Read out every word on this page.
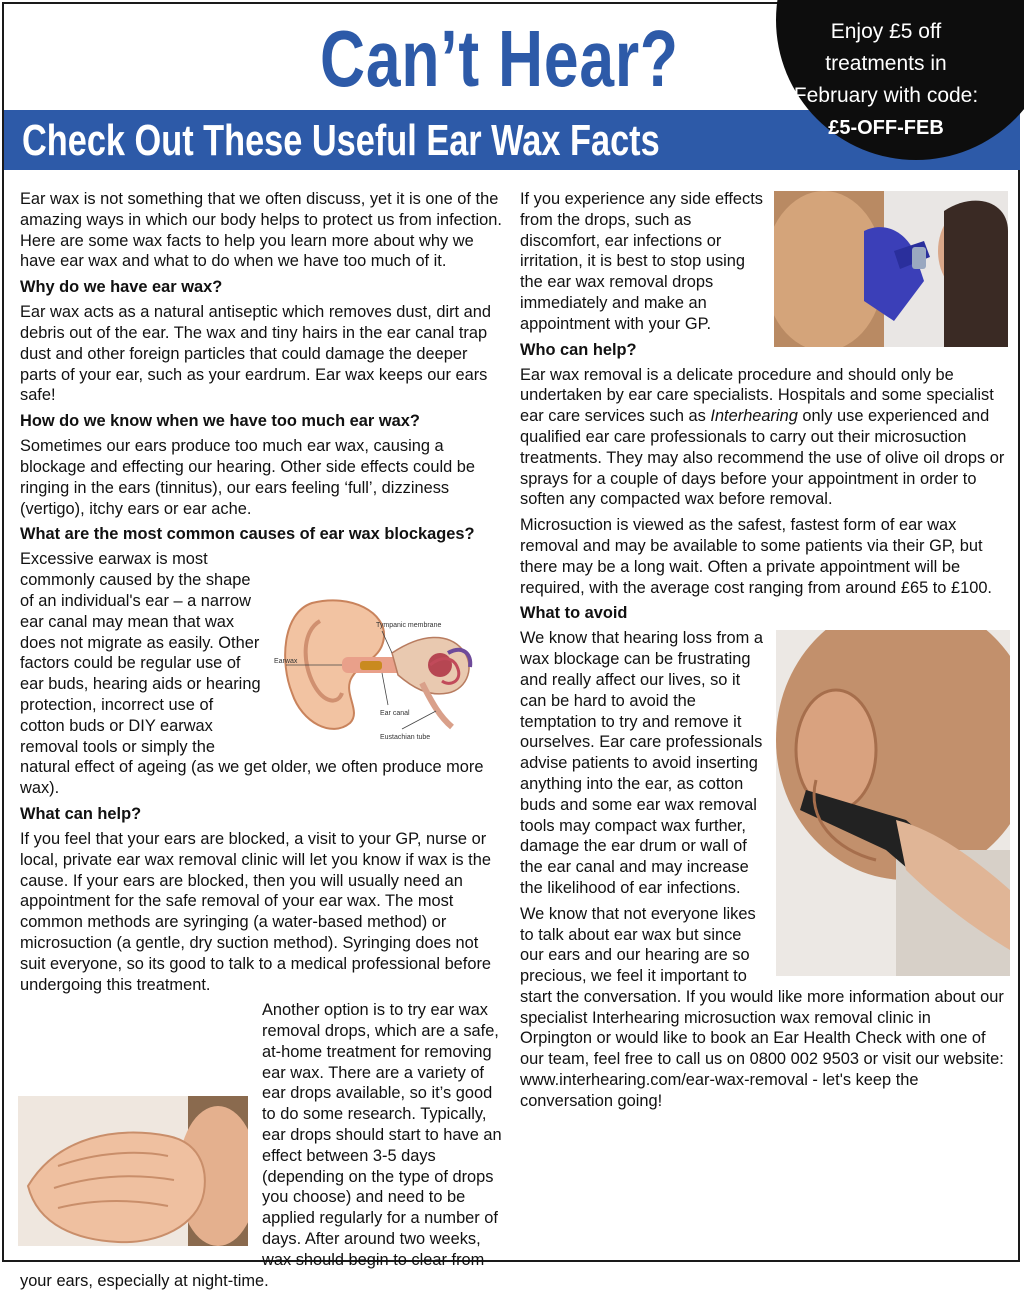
Can’t Hear?
Check Out These Useful Ear Wax Facts
Enjoy £5 off
treatments in
February with code:
£5-OFF-FEB

Ear wax is not something that we often discuss, yet it is one of the amazing ways in which our body helps to protect us from infection. Here are some wax facts to help you learn more about why we have ear wax and what to do when we have too much of it.

Why do we have ear wax?

Ear wax acts as a natural antiseptic which removes dust, dirt and debris out of the ear. The wax and tiny hairs in the ear canal trap dust and other foreign particles that could damage the deeper parts of your ear, such as your eardrum. Ear wax keeps our ears safe!

How do we know when we have too much ear wax?

Sometimes our ears produce too much ear wax, causing a blockage and effecting our hearing. Other side effects could be ringing in the ears (tinnitus), our ears feeling ‘full’, dizziness (vertigo), itchy ears or ear ache.

What are the most common causes of ear wax blockages?
Earwax
Tympanic membrane
Ear canal
Eustachian tube

Excessive earwax is most commonly caused by the shape of an individual's ear – a narrow ear canal may mean that wax does not migrate as easily. Other factors could be regular use of ear buds, hearing aids or hearing protection, incorrect use of cotton buds or DIY earwax removal tools or simply the natural effect of ageing (as we get older, we often produce more wax).

What can help?

If you feel that your ears are blocked, a visit to your GP, nurse or local, private ear wax removal clinic will let you know if wax is the cause. If your ears are blocked, then you will usually need an appointment for the safe removal of your ear wax. The most common methods are syringing (a water-based method) or microsuction (a gentle, dry suction method). Syringing does not suit everyone, so its good to talk to a medical professional before undergoing this treatment.

Another option is to try ear wax removal drops, which are a safe, at-home treatment for removing ear wax. There are a variety of ear drops available, so it’s good to do some research. Typically, ear drops should start to have an effect between 3-5 days (depending on the type of drops you choose) and need to be applied regularly for a number of days. After around two weeks, wax should begin to clear from your ears, especially at night-time.

If you experience any side effects from the drops, such as discomfort, ear infections or irritation, it is best to stop using the ear wax removal drops immediately and make an appointment with your GP.

Who can help?

Ear wax removal is a delicate procedure and should only be undertaken by ear care specialists. Hospitals and some specialist ear care services such as Interhearing only use experienced and qualified ear care professionals to carry out their microsuction treatments. They may also recommend the use of olive oil drops or sprays for a couple of days before your appointment in order to soften any compacted wax before removal.

Microsuction is viewed as the safest, fastest form of ear wax removal and may be available to some patients via their GP, but there may be a long wait. Often a private appointment will be required, with the average cost ranging from around £65 to £100.

What to avoid

We know that hearing loss from a wax blockage can be frustrating and really affect our lives, so it can be hard to avoid the temptation to try and remove it ourselves. Ear care professionals advise patients to avoid inserting anything into the ear, as cotton buds and some ear wax removal tools may compact wax further, damage the ear drum or wall of the ear canal and may increase the likelihood of ear infections.

We know that not everyone likes to talk about ear wax but since our ears and our hearing are so precious, we feel it important to start the conversation. If you would like more information about our specialist Interhearing microsuction wax removal clinic in Orpington or would like to book an Ear Health Check with one of our team, feel free to call us on 0800 002 9503 or visit our website: www.interhearing.com/ear-wax-removal - let's keep the conversation going!
